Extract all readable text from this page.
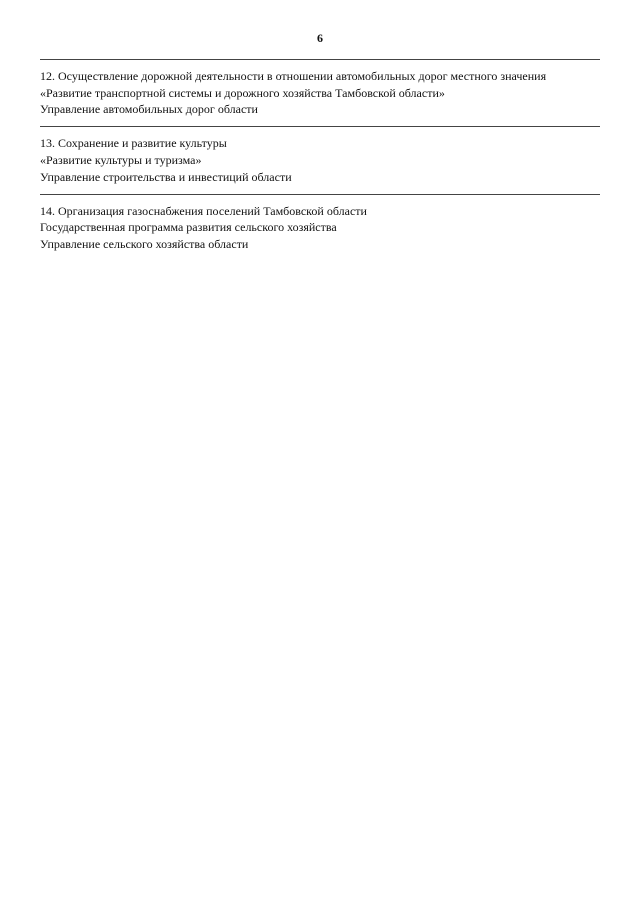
6
12. Осуществление дорожной деятельности в отношении автомобильных дорог местного значения
«Развитие транспортной системы и дорожного хозяйства Тамбовской области»
Управление автомобильных дорог области
13. Сохранение и развитие культуры
«Развитие культуры и туризма»
Управление строительства и инвестиций области
14. Организация газоснабжения поселений Тамбовской области
Государственная программа развития сельского хозяйства
Управление сельского хозяйства области
